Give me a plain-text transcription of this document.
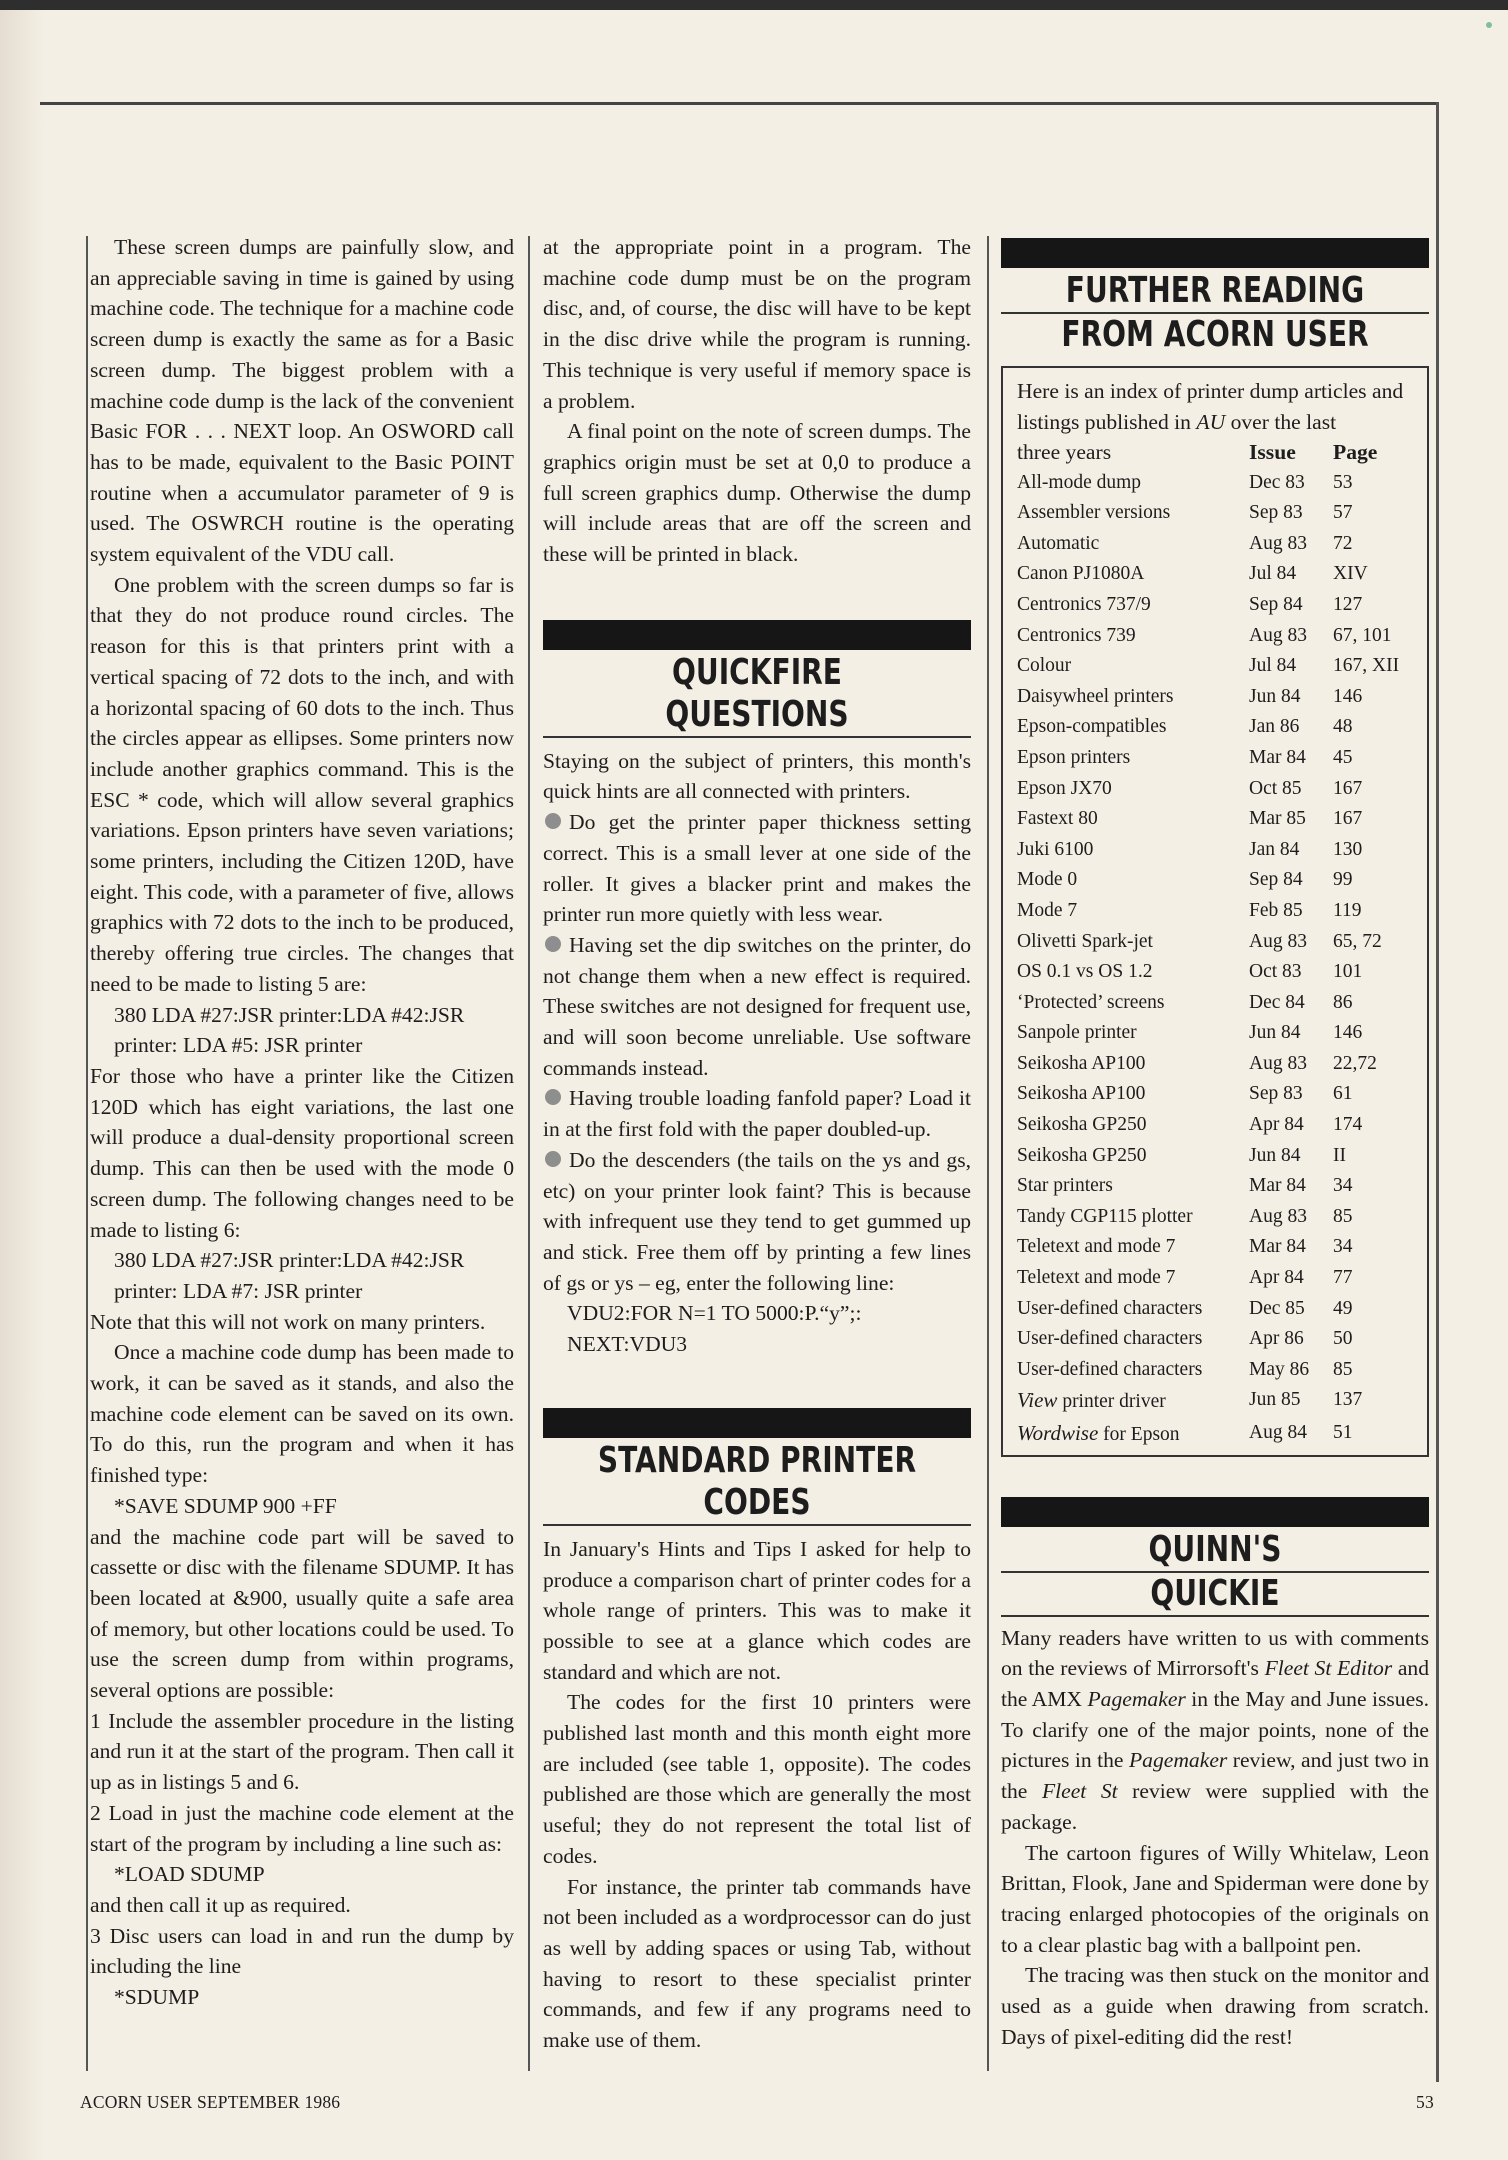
These screen dumps are painfully slow, and an appreciable saving in time is gained by using machine code. The technique for a machine code screen dump is exactly the same as for a Basic screen dump. The biggest problem with a machine code dump is the lack of the convenient Basic FOR . . . NEXT loop. An OSWORD call has to be made, equivalent to the Basic POINT routine when a accumulator parameter of 9 is used. The OSWRCH routine is the operating system equivalent of the VDU call.

One problem with the screen dumps so far is that they do not produce round circles. The reason for this is that printers print with a vertical spacing of 72 dots to the inch, and with a horizontal spacing of 60 dots to the inch. Thus the circles appear as ellipses. Some printers now include another graphics command. This is the ESC * code, which will allow several graphics variations. Epson printers have seven variations; some printers, including the Citizen 120D, have eight. This code, with a parameter of five, allows graphics with 72 dots to the inch to be produced, thereby offering true circles. The changes that need to be made to listing 5 are:

380 LDA #27:JSR printer:LDA #42:JSR printer: LDA #5: JSR printer

For those who have a printer like the Citizen 120D which has eight variations, the last one will produce a dual-density proportional screen dump. This can then be used with the mode 0 screen dump. The following changes need to be made to listing 6:

380 LDA #27:JSR printer:LDA #42:JSR printer: LDA #7: JSR printer

Note that this will not work on many printers.

Once a machine code dump has been made to work, it can be saved as it stands, and also the machine code element can be saved on its own. To do this, run the program and when it has finished type:

*SAVE SDUMP 900 +FF

and the machine code part will be saved to cassette or disc with the filename SDUMP. It has been located at &900, usually quite a safe area of memory, but other locations could be used. To use the screen dump from within programs, several options are possible:

1 Include the assembler procedure in the listing and run it at the start of the program. Then call it up as in listings 5 and 6.

2 Load in just the machine code element at the start of the program by including a line such as:

*LOAD SDUMP

and then call it up as required.

3 Disc users can load in and run the dump by including the line

*SDUMP

at the appropriate point in a program. The machine code dump must be on the program disc, and, of course, the disc will have to be kept in the disc drive while the program is running. This technique is very useful if memory space is a problem.

A final point on the note of screen dumps. The graphics origin must be set at 0,0 to produce a full screen graphics dump. Otherwise the dump will include areas that are off the screen and these will be printed in black.

QUICKFIRE
QUESTIONS

Staying on the subject of printers, this month's quick hints are all connected with printers.

Do get the printer paper thickness setting correct. This is a small lever at one side of the roller. It gives a blacker print and makes the printer run more quietly with less wear.

Having set the dip switches on the printer, do not change them when a new effect is required. These switches are not designed for frequent use, and will soon become unreliable. Use software commands instead.

Having trouble loading fanfold paper? Load it in at the first fold with the paper doubled-up.

Do the descenders (the tails on the ys and gs, etc) on your printer look faint? This is because with infrequent use they tend to get gummed up and stick. Free them off by printing a few lines of gs or ys – eg, enter the following line:

VDU2:FOR N=1 TO 5000:P.“y”;:

NEXT:VDU3

STANDARD PRINTER
CODES

In January's Hints and Tips I asked for help to produce a comparison chart of printer codes for a whole range of printers. This was to make it possible to see at a glance which codes are standard and which are not.

The codes for the first 10 printers were published last month and this month eight more are included (see table 1, opposite). The codes published are those which are generally the most useful; they do not represent the total list of codes.

For instance, the printer tab commands have not been included as a wordprocessor can do just as well by adding spaces or using Tab, without having to resort to these specialist printer commands, and few if any programs need to make use of them.

FURTHER READING
FROM ACORN USER
Here is an index of printer dump articles and listings published in AU over the last
three years	Issue	Page
All-mode dump	Dec 83	53
Assembler versions	Sep 83	57
Automatic	Aug 83	72
Canon PJ1080A	Jul 84	XIV
Centronics 737/9	Sep 84	127
Centronics 739	Aug 83	67, 101
Colour	Jul 84	167, XII
Daisywheel printers	Jun 84	146
Epson-compatibles	Jan 86	48
Epson printers	Mar 84	45
Epson JX70	Oct 85	167
Fastext 80	Mar 85	167
Juki 6100	Jan 84	130
Mode 0	Sep 84	99
Mode 7	Feb 85	119
Olivetti Spark-jet	Aug 83	65, 72
OS 0.1 vs OS 1.2	Oct 83	101
‘Protected’ screens	Dec 84	86
Sanpole printer	Jun 84	146
Seikosha AP100	Aug 83	22,72
Seikosha AP100	Sep 83	61
Seikosha GP250	Apr 84	174
Seikosha GP250	Jun 84	II
Star printers	Mar 84	34
Tandy CGP115 plotter	Aug 83	85
Teletext and mode 7	Mar 84	34
Teletext and mode 7	Apr 84	77
User-defined characters	Dec 85	49
User-defined characters	Apr 86	50
User-defined characters	May 86	85
View printer driver	Jun 85	137
Wordwise for Epson	Aug 84	51
QUINN'S
QUICKIE

Many readers have written to us with comments on the reviews of Mirrorsoft's Fleet St Editor and the AMX Pagemaker in the May and June issues. To clarify one of the major points, none of the pictures in the Pagemaker review, and just two in the Fleet St review were supplied with the package.

The cartoon figures of Willy Whitelaw, Leon Brittan, Flook, Jane and Spiderman were done by tracing enlarged photocopies of the originals on to a clear plastic bag with a ballpoint pen.

The tracing was then stuck on the monitor and used as a guide when drawing from scratch. Days of pixel-editing did the rest!

ACORN USER SEPTEMBER 1986	53
